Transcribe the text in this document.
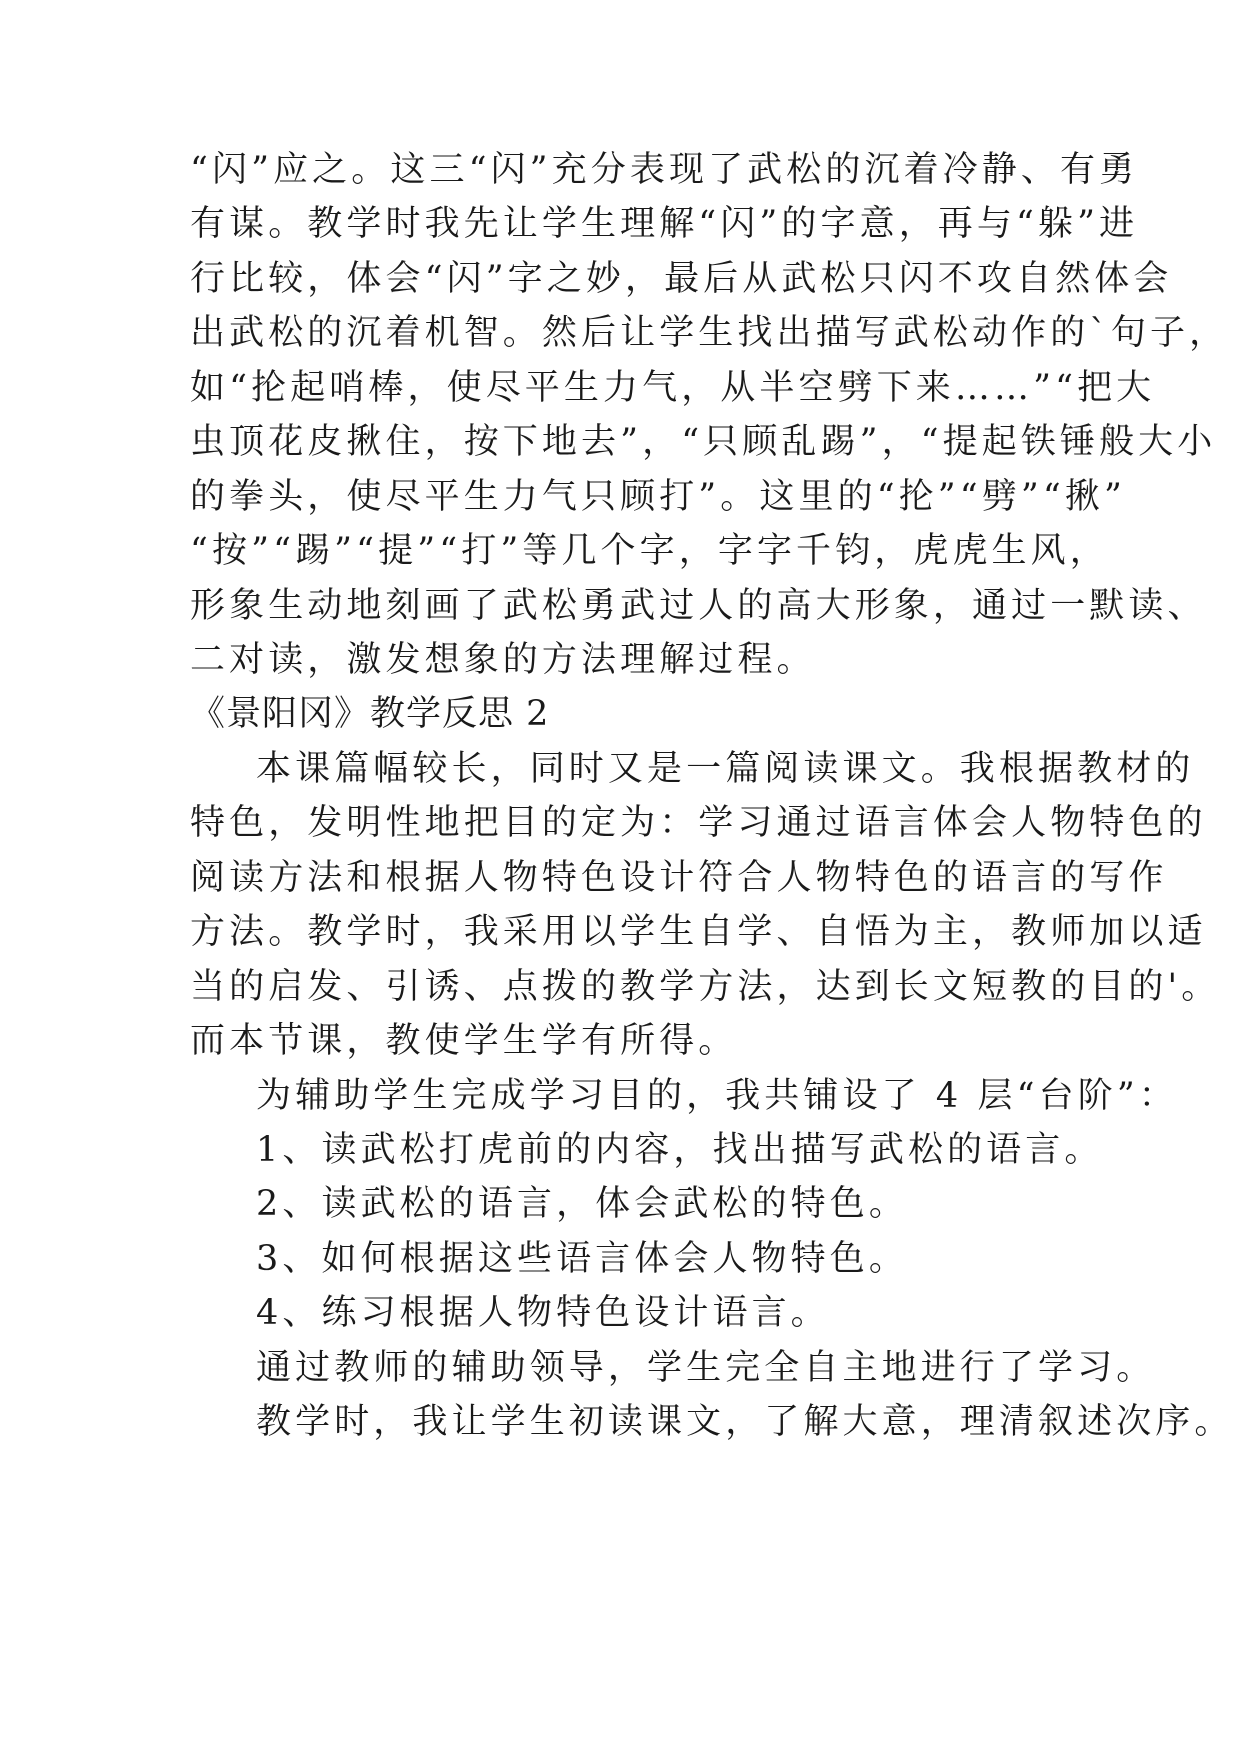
“闪”应之。这三“闪”充分表现了武松的沉着冷静、有勇
有谋。教学时我先让学生理解“闪”的字意，再与“躲”进
行比较，体会“闪”字之妙，最后从武松只闪不攻自然体会
出武松的沉着机智。然后让学生找出描写武松动作的`句子，
如“抡起哨棒，使尽平生力气，从半空劈下来……”“把大
虫顶花皮揪住，按下地去”，“只顾乱踢”，“提起铁锤般大小
的拳头，使尽平生力气只顾打”。这里的“抡”“劈”“揪”
“按”“踢”“提”“打”等几个字，字字千钧，虎虎生风，
形象生动地刻画了武松勇武过人的高大形象，通过一默读、
二对读，激发想象的方法理解过程。
《景阳冈》教学反思 2
本课篇幅较长，同时又是一篇阅读课文。我根据教材的
特色，发明性地把目的定为：学习通过语言体会人物特色的
阅读方法和根据人物特色设计符合人物特色的语言的写作
方法。教学时，我采用以学生自学、自悟为主，教师加以适
当的启发、引诱、点拨的教学方法，达到长文短教的目的'。
而本节课，教使学生学有所得。
为辅助学生完成学习目的，我共铺设了 4 层“台阶”：
1、读武松打虎前的内容，找出描写武松的语言。
2、读武松的语言，体会武松的特色。
3、如何根据这些语言体会人物特色。
4、练习根据人物特色设计语言。
通过教师的辅助领导，学生完全自主地进行了学习。
教学时，我让学生初读课文，了解大意，理清叙述次序。
